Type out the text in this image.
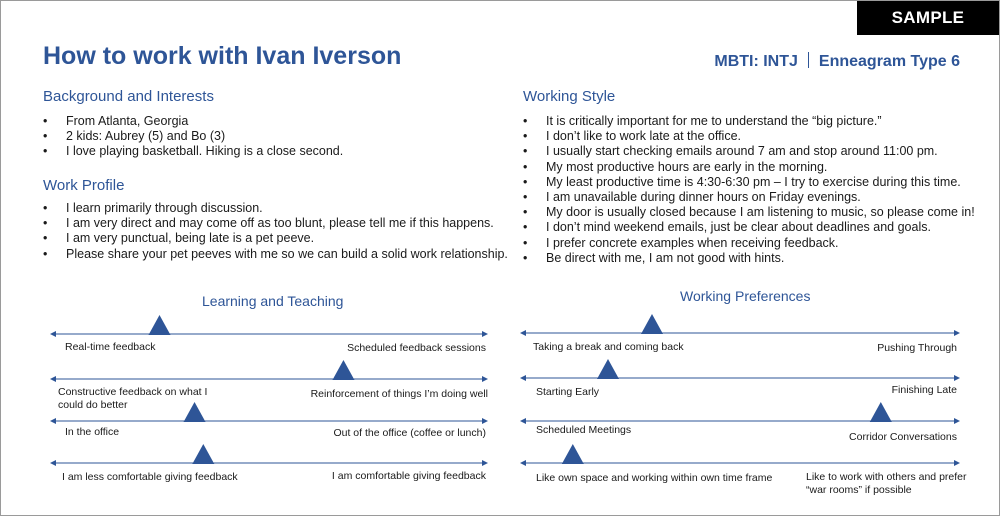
SAMPLE
How to work with Ivan Iverson	MBTI: INTJ Enneagram Type 6
Background and Interests
• From Atlanta, Georgia
• 2 kids: Aubrey (5) and Bo (3)
• I love playing basketball. Hiking is a close second.
Work Profile
• I learn primarily through discussion.
• I am very direct and may come off as too blunt, please tell me if this happens.
• I am very punctual, being late is a pet peeve.
• Please share your pet peeves with me so we can build a solid work relationship.
Working Style
• It is critically important for me to understand the “big picture.”
• I don’t like to work late at the office.
• I usually start checking emails around 7 am and stop around 11:00 pm.
• My most productive hours are early in the morning.
• My least productive time is 4:30-6:30 pm – I try to exercise during this time.
• I am unavailable during dinner hours on Friday evenings.
• My door is usually closed because I am listening to music, so please come in!
• I don’t mind weekend emails, just be clear about deadlines and goals.
• I prefer concrete examples when receiving feedback.
• Be direct with me, I am not good with hints.
Learning and Teaching	Working Preferences
Real-time feedback	Scheduled feedback sessions
Constructive feedback on what I could do better
Reinforcement of things I’m doing well
In the office	Out of the office (coffee or lunch)
I am less comfortable giving feedback	I am comfortable giving feedback
Taking a break and coming back	Pushing Through
Starting Early	Finishing Late
Scheduled Meetings
Corridor Conversations
Like own space and working within own time frame	Like to work with others and prefer “war rooms” if possible
